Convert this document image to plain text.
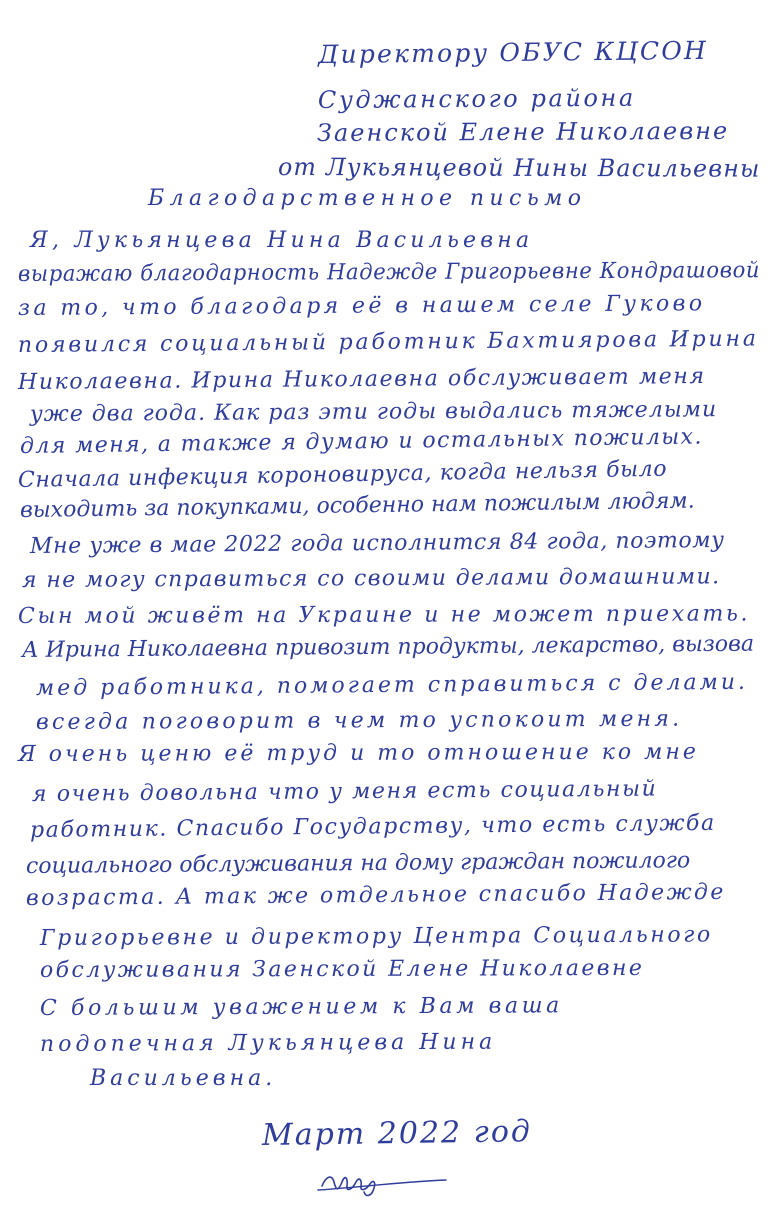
Директору ОБУС КЦСОН
Суджанского района
Заенской Елене Николаевне
от Лукьянцевой Нины Васильевны
Благодарственное письмо
Я, Лукьянцева Нина Васильевна
выражаю благодарность Надежде Григорьевне Кондрашовой
за то, что благодаря её в нашем селе Гуково
появился социальный работник Бахтиярова Ирина
Николаевна. Ирина Николаевна обслуживает меня
уже два года. Как раз эти годы выдались тяжелыми
для меня, а также я думаю и остальных пожилых.
Сначала инфекция короновируса, когда нельзя было
выходить за покупками, особенно нам пожилым людям.
Мне уже в мае 2022 года исполнится 84 года, поэтому
я не могу справиться со своими делами домашними.
Сын мой живёт на Украине и не может приехать.
А Ирина Николаевна привозит продукты, лекарство, вызова
мед работника, помогает справиться с делами.
всегда поговорит в чем то успокоит меня.
Я очень ценю её труд и то отношение ко мне
я очень довольна что у меня есть социальный
работник. Спасибо Государству, что есть служба
социального обслуживания на дому граждан пожилого
возраста. А так же отдельное спасибо Надежде
Григорьевне и директору Центра Социального
обслуживания Заенской Елене Николаевне
С большим уважением к Вам ваша
подопечная Лукьянцева Нина
Васильевна.
Март 2022 год
